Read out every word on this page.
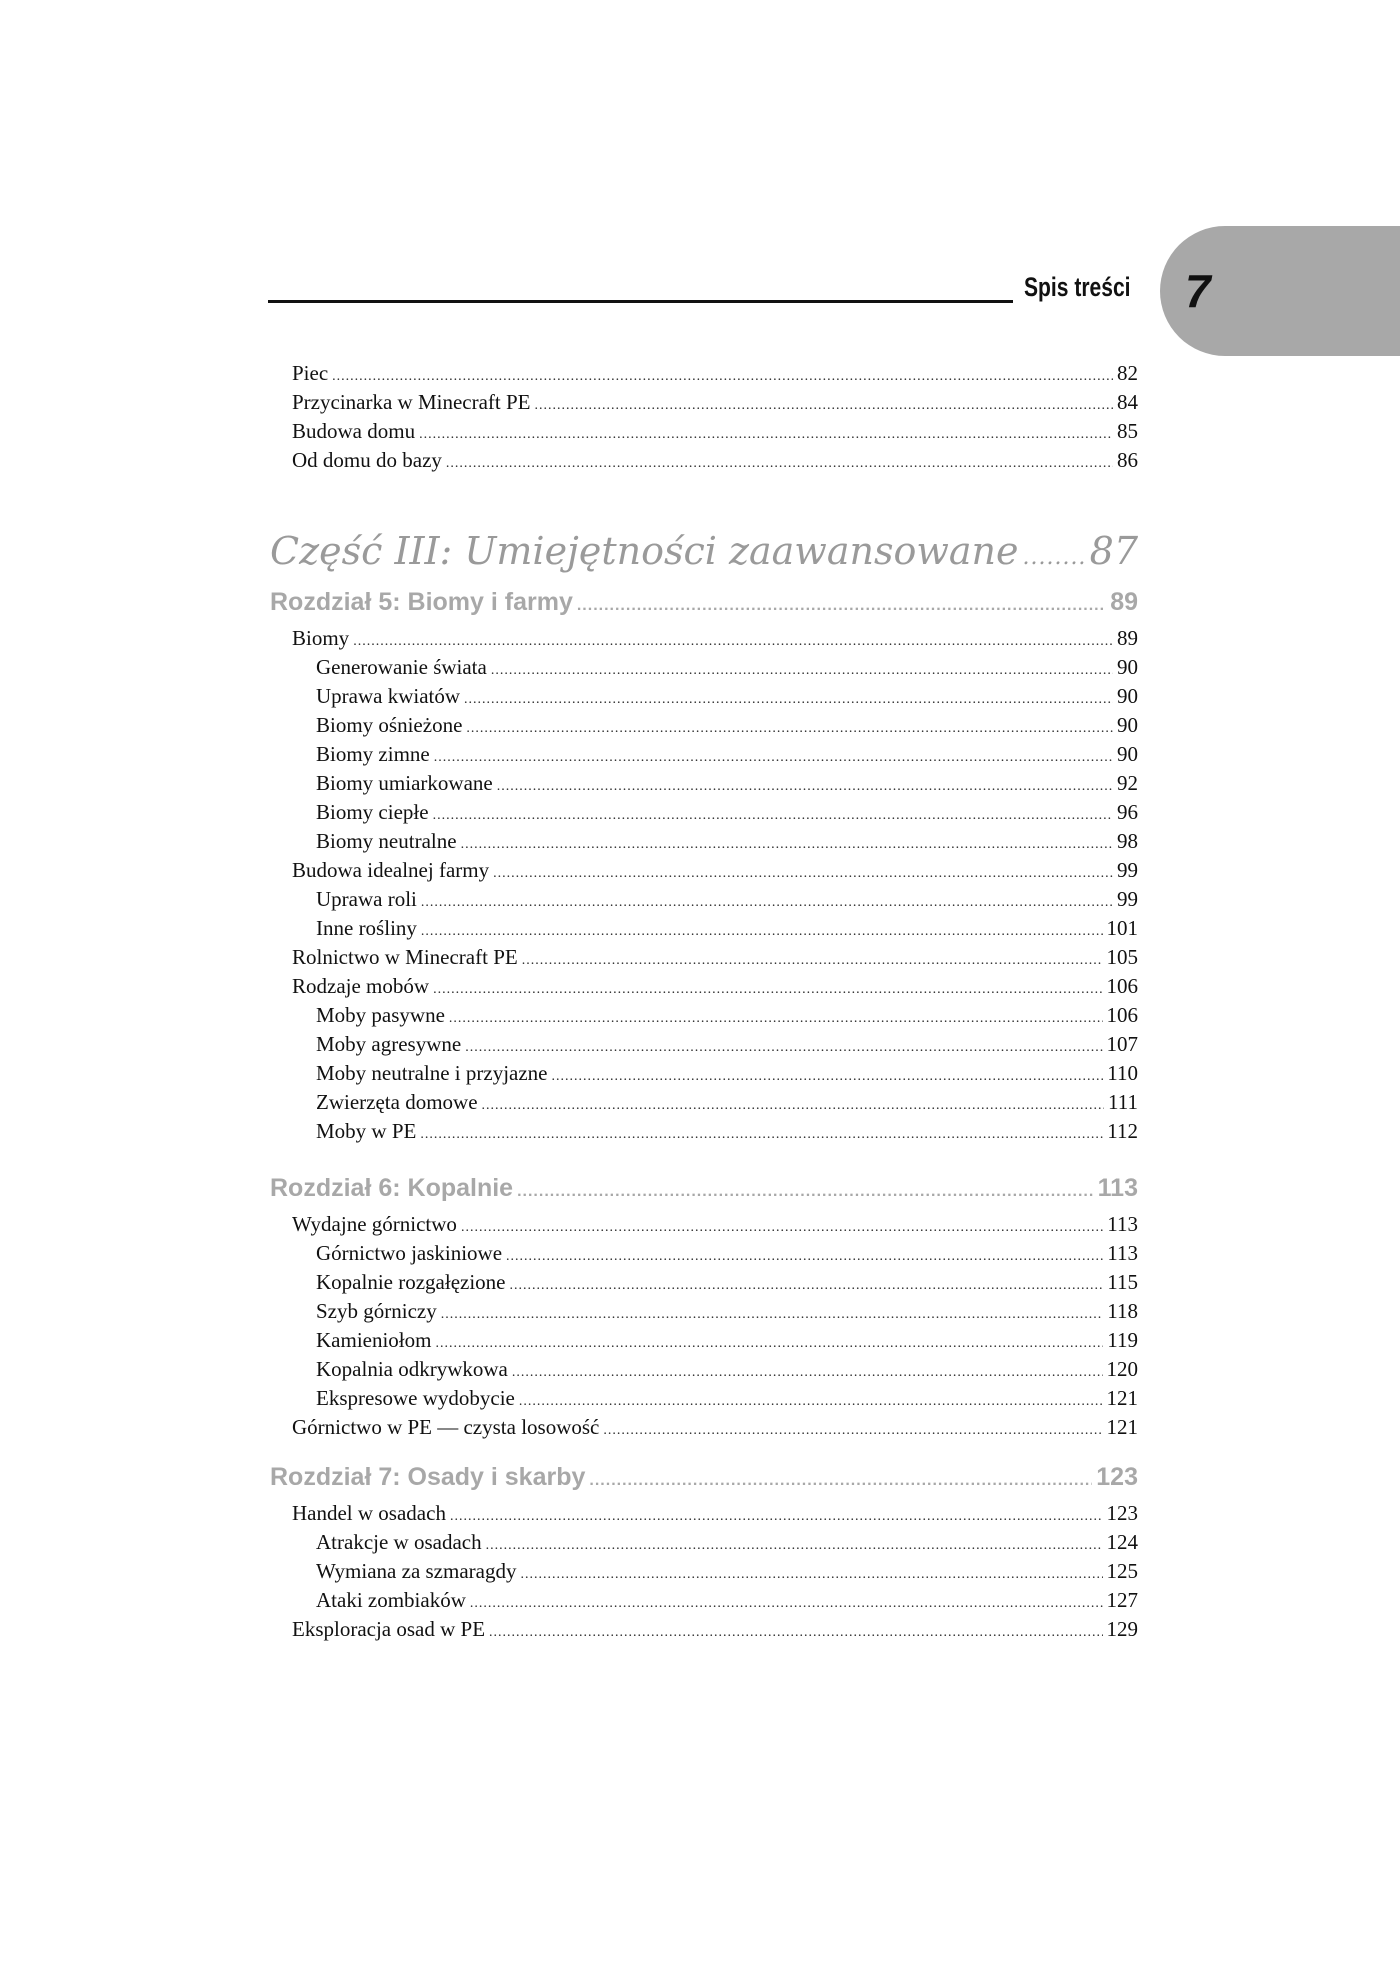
Spis treści 7
Piec .....	82
Przycinarka w Minecraft PE .....	84
Budowa domu .....	85
Od domu do bazy .....	86
Część III: Umiejętności zaawansowane ..... 87
Rozdział 5: Biomy i farmy .....	89
Biomy .....	89
Generowanie świata .....	90
Uprawa kwiatów .....	90
Biomy ośnieżone .....	90
Biomy zimne .....	90
Biomy umiarkowane .....	92
Biomy ciepłe .....	96
Biomy neutralne .....	98
Budowa idealnej farmy .....	99
Uprawa roli .....	99
Inne rośliny .....	101
Rolnictwo w Minecraft PE .....	105
Rodzaje mobów .....	106
Moby pasywne .....	106
Moby agresywne .....	107
Moby neutralne i przyjazne .....	110
Zwierzęta domowe .....	111
Moby w PE .....	112
Rozdział 6: Kopalnie .....	113
Wydajne górnictwo .....	113
Górnictwo jaskiniowe .....	113
Kopalnie rozgałęzione .....	115
Szyb górniczy .....	118
Kamieniołom .....	119
Kopalnia odkrywkowa .....	120
Ekspresowe wydobycie .....	121
Górnictwo w PE — czysta losowość .....	121
Rozdział 7: Osady i skarby .....	123
Handel w osadach .....	123
Atrakcje w osadach .....	124
Wymiana za szmaragdy .....	125
Ataki zombiaków .....	127
Eksploracja osad w PE .....	129
